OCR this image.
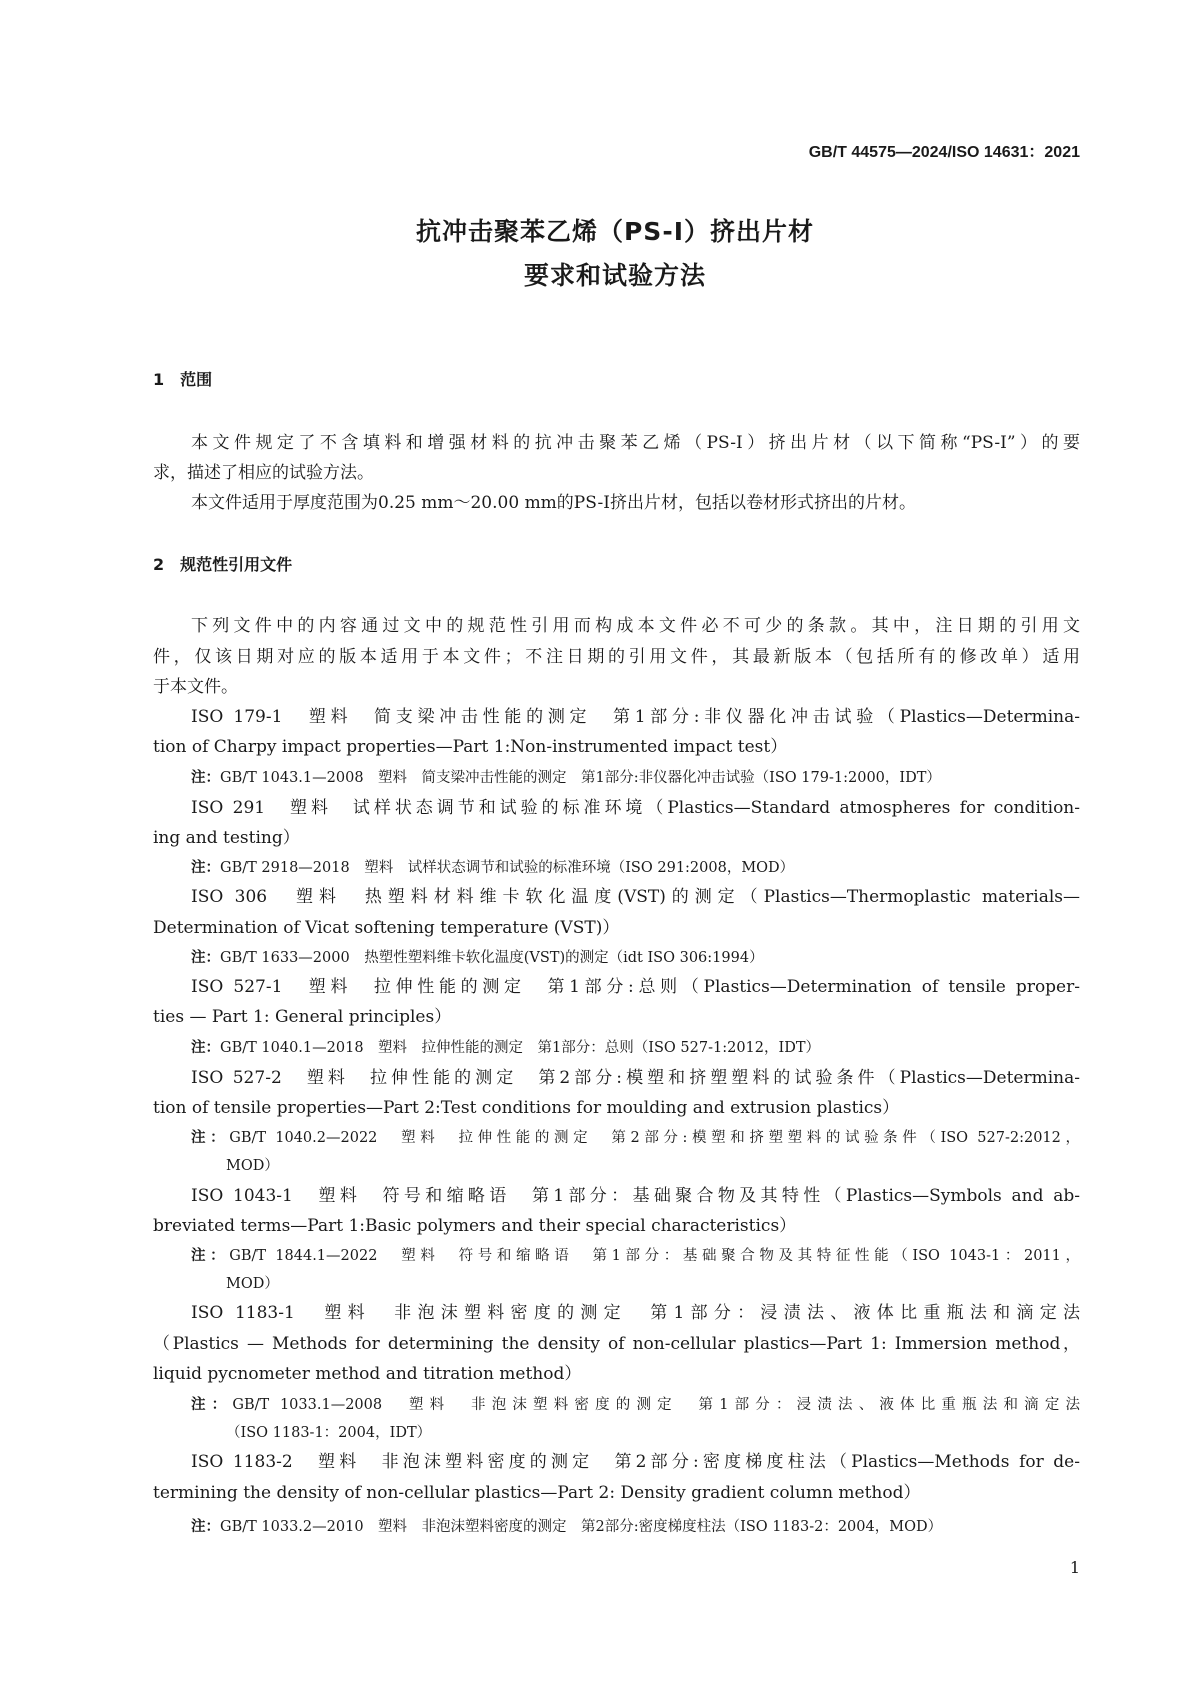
GB/T 44575—2024/ISO 14631：2021
抗冲击聚苯乙烯（PS-I）挤出片材
要求和试验方法
1　范围
本文件规定了不含填料和增强材料的抗冲击聚苯乙烯（PS-I）挤出片材（以下简称“PS-I”）的要
求，描述了相应的试验方法。
本文件适用于厚度范围为0.25 mm～20.00 mm的PS-I挤出片材，包括以卷材形式挤出的片材。
2　规范性引用文件
下列文件中的内容通过文中的规范性引用而构成本文件必不可少的条款。其中，注日期的引用文
件，仅该日期对应的版本适用于本文件；不注日期的引用文件，其最新版本（包括所有的修改单）适用
于本文件。
ISO 179-1　塑料　简支梁冲击性能的测定　第1部分:非仪器化冲击试验（Plastics—Determina-
tion of Charpy impact properties—Part 1:Non-instrumented impact test）
注：GB/T 1043.1—2008　塑料　简支梁冲击性能的测定　第1部分:非仪器化冲击试验（ISO 179-1:2000，IDT）
ISO 291　塑料　试样状态调节和试验的标准环境（Plastics—Standard atmospheres for condition-
ing and testing）
注：GB/T 2918—2018　塑料　试样状态调节和试验的标准环境（ISO 291:2008，MOD）
ISO 306　塑料　热塑料材料维卡软化温度(VST)的测定（Plastics—Thermoplastic materials—
Determination of Vicat softening temperature (VST)）
注：GB/T 1633—2000　热塑性塑料维卡软化温度(VST)的测定（idt ISO 306:1994）
ISO 527-1　塑料　拉伸性能的测定　第1部分:总则（Plastics—Determination of tensile proper-
ties — Part 1: General principles）
注：GB/T 1040.1—2018　塑料　拉伸性能的测定　第1部分：总则（ISO 527-1:2012，IDT）
ISO 527-2　塑料　拉伸性能的测定　第2部分:模塑和挤塑塑料的试验条件（Plastics—Determina-
tion of tensile properties—Part 2:Test conditions for moulding and extrusion plastics）
注：GB/T 1040.2—2022　塑料　拉伸性能的测定　第2部分:模塑和挤塑塑料的试验条件（ISO 527-2:2012，
MOD）
ISO 1043-1　塑料　符号和缩略语　第1部分：基础聚合物及其特性（Plastics—Symbols and ab-
breviated terms—Part 1:Basic polymers and their special characteristics）
注：GB/T 1844.1—2022　塑料　符号和缩略语　第1部分：基础聚合物及其特征性能（ISO 1043-1：2011，
MOD）
ISO 1183-1　塑料　非泡沫塑料密度的测定　第1部分：浸渍法、液体比重瓶法和滴定法
（Plastics — Methods for determining the density of non-cellular plastics—Part 1: Immersion method，
liquid pycnometer method and titration method）
注：GB/T 1033.1—2008　塑料　非泡沫塑料密度的测定　第1部分：浸渍法、液体比重瓶法和滴定法
（ISO 1183-1：2004，IDT）
ISO 1183-2　塑料　非泡沫塑料密度的测定　第2部分:密度梯度柱法（Plastics—Methods for de-
termining the density of non-cellular plastics—Part 2: Density gradient column method）
注：GB/T 1033.2—2010　塑料　非泡沫塑料密度的测定　第2部分:密度梯度柱法（ISO 1183-2：2004，MOD）
1
